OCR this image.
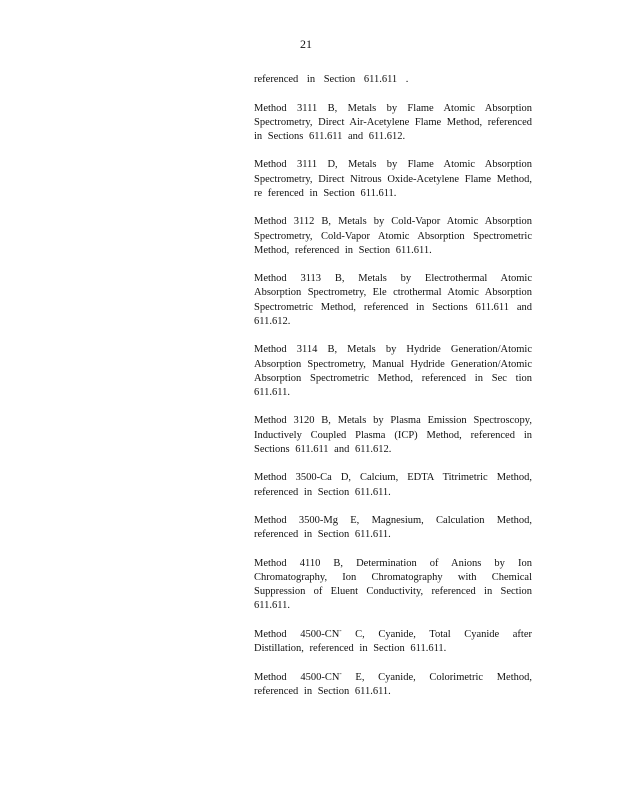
21

referenced in Section 611.611 .

Method 3111 B, Metals by Flame Atomic Absorption Spectrometry, Direct Air-Acetylene Flame Method, referenced in Sections 611.611 and 611.612.

Method 3111 D, Metals by Flame Atomic Absorption Spectrometry, Direct Nitrous Oxide-Acetylene Flame Method, re ferenced in Section 611.611.

Method 3112 B, Metals by Cold-Vapor Atomic Absorption Spectrometry, Cold-Vapor Atomic Absorption Spectrometric Method, referenced in Section 611.611.

Method 3113 B, Metals by Electrothermal Atomic Absorption Spectrometry, Ele ctrothermal Atomic Absorption Spectrometric Method, referenced in Sections 611.611 and 611.612.

Method 3114 B, Metals by Hydride Generation/Atomic Absorption Spectrometry, Manual Hydride Generation/Atomic Absorption Spectrometric Method, referenced in Sec tion 611.611.

Method 3120 B, Metals by Plasma Emission Spectroscopy, Inductively Coupled Plasma (ICP) Method, referenced in Sections 611.611 and 611.612.

Method 3500-Ca D, Calcium, EDTA Titrimetric Method, referenced in Section 611.611.

Method 3500-Mg E, Magnesium, Calculation Method, referenced in Section 611.611.

Method 4110 B, Determination of Anions by Ion Chromatography, Ion Chromatography with Chemical Suppression of Eluent Conductivity, referenced in Section 611.611.

Method 4500-CN- C, Cyanide, Total Cyanide after Distillation, referenced in Section 611.611.

Method 4500-CN- E, Cyanide, Colorimetric Method, referenced in Section 611.611.
